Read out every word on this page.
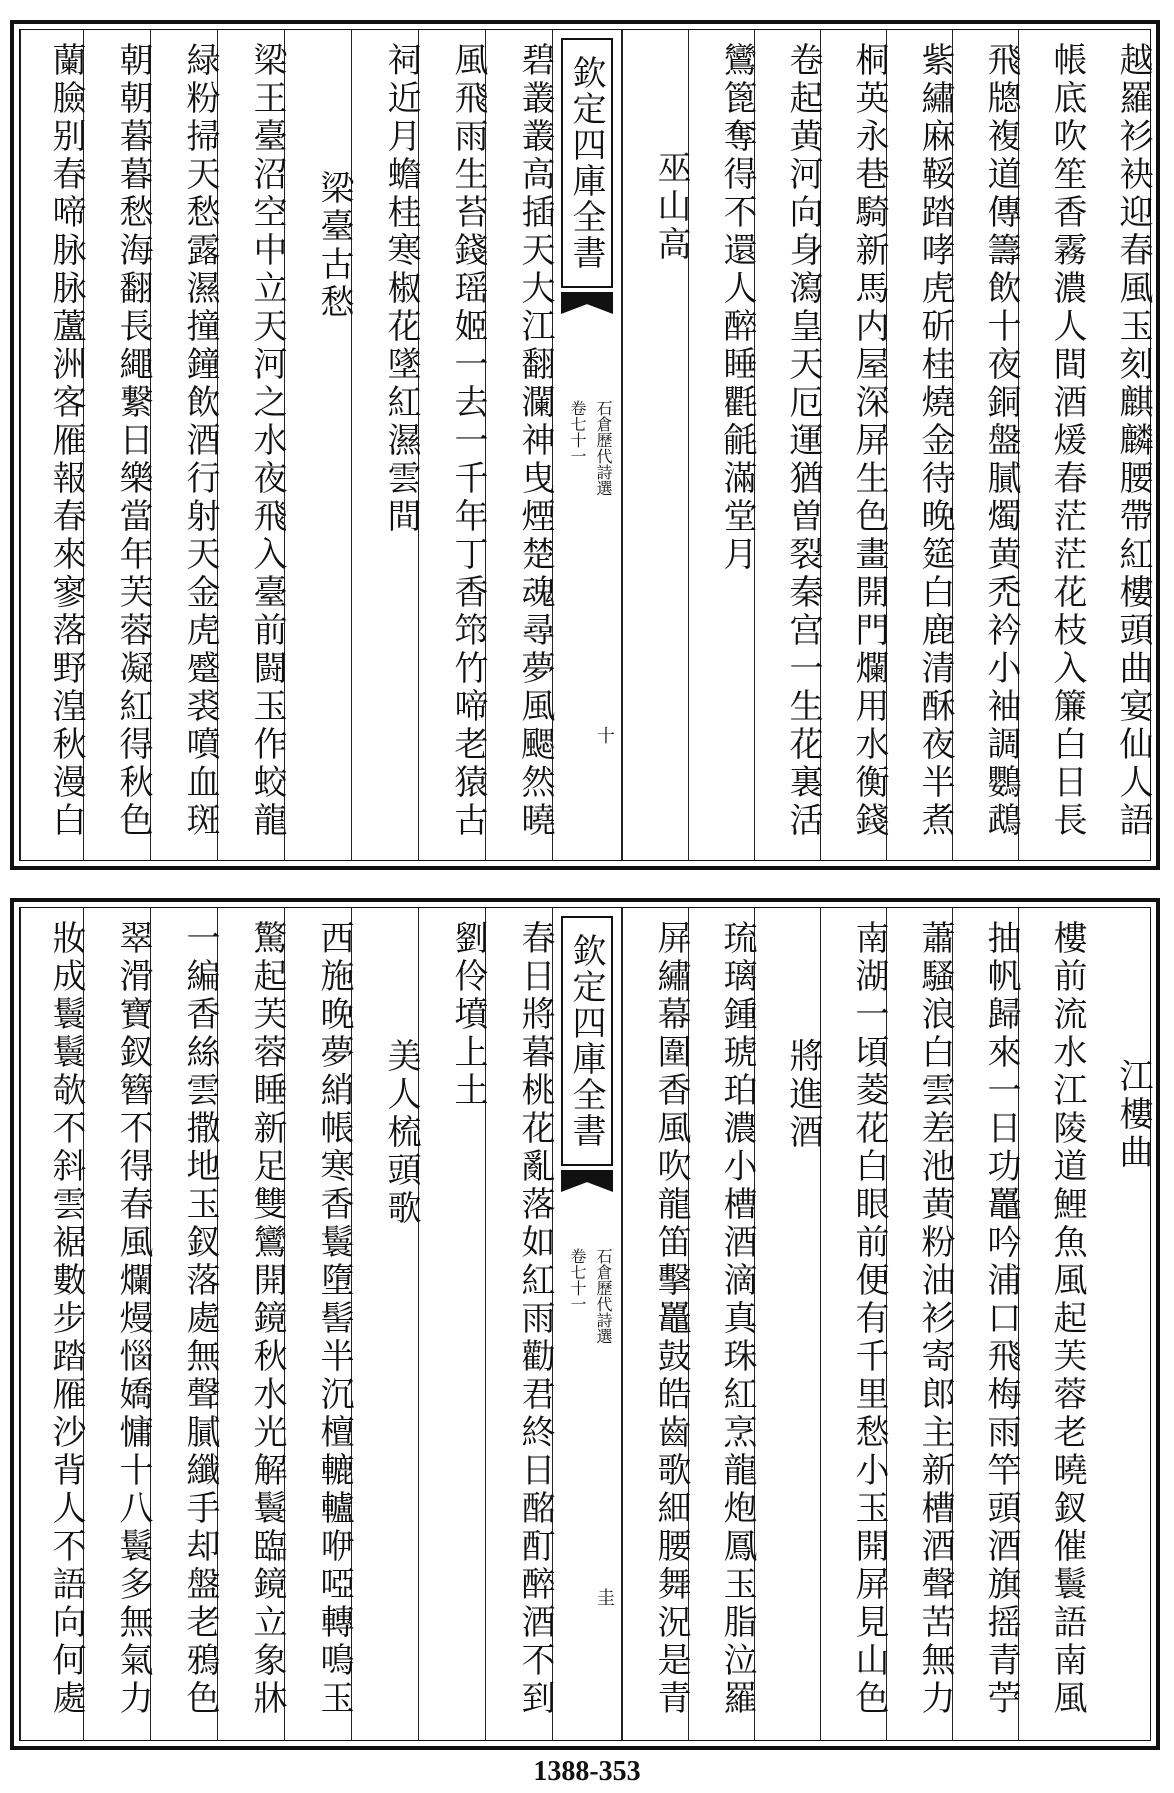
越羅衫袂迎春風玉刻麒麟腰帶紅樓頭曲宴仙人語
帳底吹笙香霧濃人間酒煖春茫茫花枝入簾白日長
飛牕複道傳籌飲十夜銅盤膩燭黄禿衿小袖調鸚鵡
紫繡麻鞖踏哮虎斫桂燒金待晚筵白鹿清酥夜半煮
桐英永巷騎新馬内屋深屏生色畫開門爛用水衡錢
卷起黄河向身瀉皇天厄運猶曽裂秦宫一生花裏活
鸞篦奪得不還人醉睡氍毹滿堂月
巫山高
欽定四庫全書
石倉歷代詩選
卷七十一
十
碧叢叢高插天大江翻瀾神曳煙楚魂尋夢風颸然曉
風飛雨生苔錢瑶姬一去一千年丁香筇竹啼老猿古
祠近月蟾桂寒椒花墜紅濕雲間
梁臺古愁
梁王臺沼空中立天河之水夜飛入臺前闘玉作蛟龍
緑粉掃天愁露濕撞鐘飲酒行射天金虎蹙裘噴血斑
朝朝暮暮愁海翻長繩繋日樂當年芙蓉凝紅得秋色
蘭臉别春啼脉脉蘆洲客雁報春來寥落野湟秋漫白
江樓曲
樓前流水江陵道鯉魚風起芙蓉老曉釵催鬟語南風
抽帆歸來一日功鼉吟浦口飛梅雨竿頭酒旗摇青苧
蕭騷浪白雲差池黄粉油衫寄郎主新槽酒聲苦無力
南湖一頃菱花白眼前便有千里愁小玉開屏見山色
將進酒
琉璃鍾琥珀濃小槽酒滴真珠紅烹龍炮鳳玉脂泣羅
屏繡幕圍香風吹龍笛擊鼉鼓皓齒歌細腰舞況是青
欽定四庫全書
石倉歷代詩選
卷七十一
圭
春日將暮桃花亂落如紅雨勸君終日酩酊醉酒不到
劉伶墳上土
美人梳頭歌
西施晚夢綃帳寒香鬟墮髻半沉檀轆轤咿啞轉鳴玉
驚起芙蓉睡新足雙鸞開鏡秋水光解鬟臨鏡立象牀
一編香絲雲撒地玉釵落處無聲膩纖手却盤老鴉色
翠滑寶釵簪不得春風爛熳惱嬌慵十八鬟多無氣力
妝成鬟鬟欹不斜雲裾數步踏雁沙背人不語向何處
1388-353
